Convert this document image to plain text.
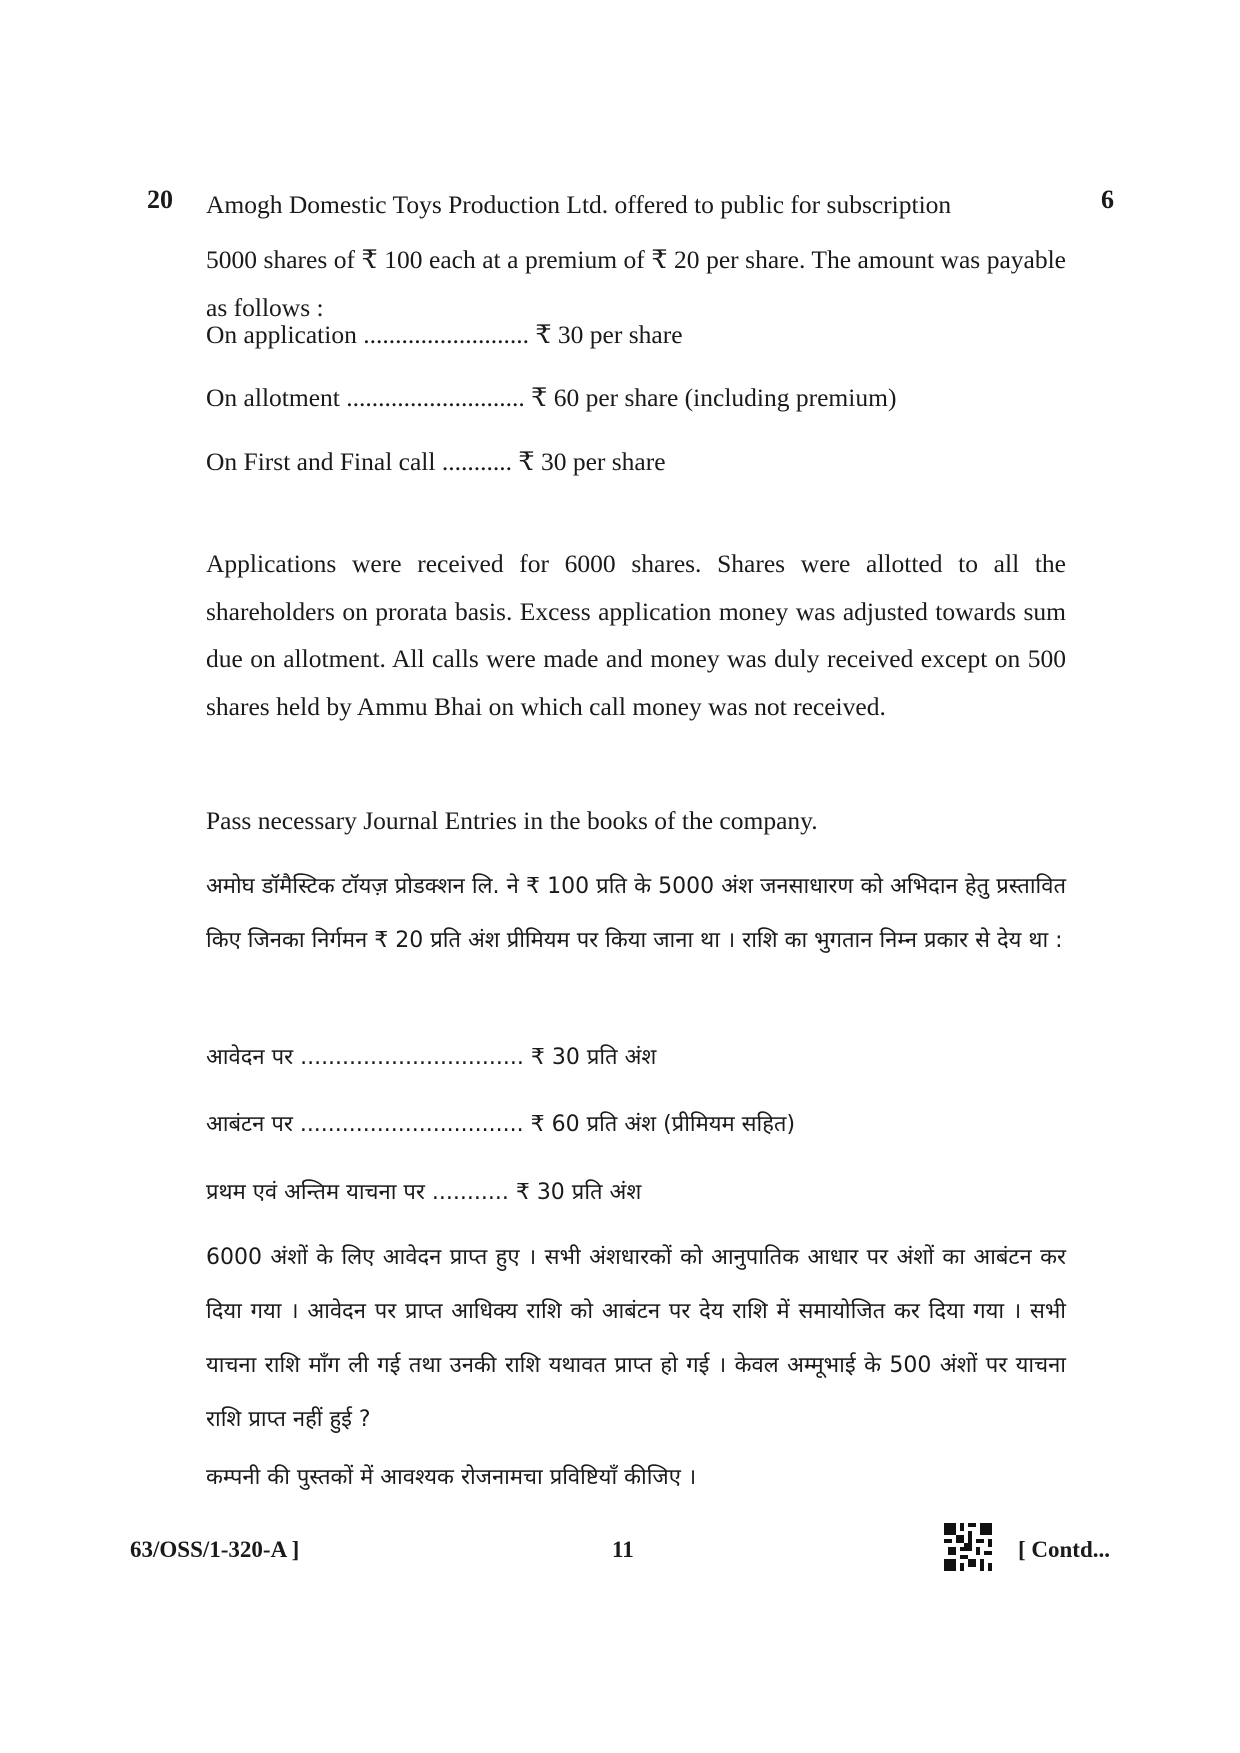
20	6
Amogh Domestic Toys Production Ltd. offered to public for subscription

5000 shares of ₹ 100 each at a premium of ₹ 20 per share. The amount was payable as follows :

On application .......................... ₹ 30 per share
On allotment ............................ ₹ 60 per share (including premium)
On First and Final call ........... ₹ 30 per share

Applications were received for 6000 shares. Shares were allotted to all the shareholders on prorata basis. Excess application money was adjusted towards sum due on allotment. All calls were made and money was duly received except on 500 shares held by Ammu Bhai on which call money was not received.

Pass necessary Journal Entries in the books of the company.

अमोघ डॉमैस्टिक टॉयज़ प्रोडक्शन लि. ने ₹ 100 प्रति के 5000 अंश जनसाधारण को अभिदान हेतु प्रस्तावित किए जिनका निर्गमन ₹ 20 प्रति अंश प्रीमियम पर किया जाना था । राशि का भुगतान निम्न प्रकार से देय था :

आवेदन पर ................................ ₹ 30 प्रति अंश
आबंटन पर ................................ ₹ 60 प्रति अंश (प्रीमियम सहित)
प्रथम एवं अन्तिम याचना पर ........... ₹ 30 प्रति अंश

6000 अंशों के लिए आवेदन प्राप्त हुए । सभी अंशधारकों को आनुपातिक आधार पर अंशों का आबंटन कर दिया गया । आवेदन पर प्राप्त आधिक्य राशि को आबंटन पर देय राशि में समायोजित कर दिया गया । सभी याचना राशि माँग ली गई तथा उनकी राशि यथावत प्राप्त हो गई । केवल अम्मूभाई के 500 अंशों पर याचना राशि प्राप्त नहीं हुई ?

कम्पनी की पुस्तकों में आवश्यक रोजनामचा प्रविष्टियाँ कीजिए ।

63/OSS/1-320-A ]	11	[ Contd...
